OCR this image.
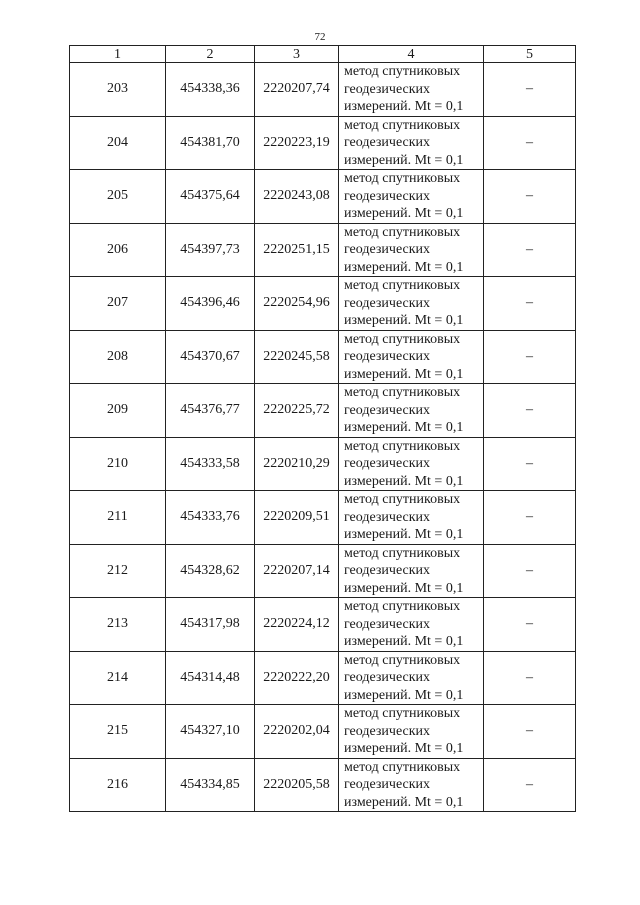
72
1	2	3	4	5
203	454338,36	2220207,74	метод спутниковых
геодезических
измерений. Mt = 0,1	–
204	454381,70	2220223,19	метод спутниковых
геодезических
измерений. Mt = 0,1	–
205	454375,64	2220243,08	метод спутниковых
геодезических
измерений. Mt = 0,1	–
206	454397,73	2220251,15	метод спутниковых
геодезических
измерений. Mt = 0,1	–
207	454396,46	2220254,96	метод спутниковых
геодезических
измерений. Mt = 0,1	–
208	454370,67	2220245,58	метод спутниковых
геодезических
измерений. Mt = 0,1	–
209	454376,77	2220225,72	метод спутниковых
геодезических
измерений. Mt = 0,1	–
210	454333,58	2220210,29	метод спутниковых
геодезических
измерений. Mt = 0,1	–
211	454333,76	2220209,51	метод спутниковых
геодезических
измерений. Mt = 0,1	–
212	454328,62	2220207,14	метод спутниковых
геодезических
измерений. Mt = 0,1	–
213	454317,98	2220224,12	метод спутниковых
геодезических
измерений. Mt = 0,1	–
214	454314,48	2220222,20	метод спутниковых
геодезических
измерений. Mt = 0,1	–
215	454327,10	2220202,04	метод спутниковых
геодезических
измерений. Mt = 0,1	–
216	454334,85	2220205,58	метод спутниковых
геодезических
измерений. Mt = 0,1	–
